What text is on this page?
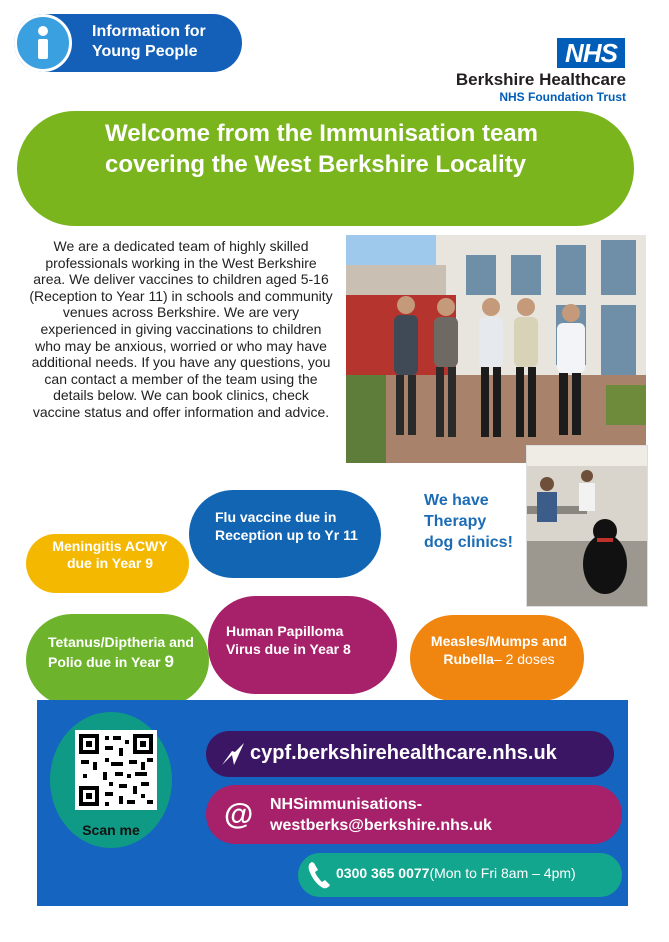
Information for Young People	NHS
Berkshire Healthcare
NHS Foundation Trust
Welcome from the Immunisation team covering the West Berkshire Locality
We are a dedicated team of highly skilled professionals working in the West Berkshire area. We deliver vaccines to children aged 5-16 (Reception to Year 11) in schools and community venues across Berkshire. We are very experienced in giving vaccinations to children who may be anxious, worried or who may have additional needs. If you have any questions, you can contact a member of the team using the details below. We can book clinics, check vaccine status and offer information and advice.
Flu vaccine due in Reception up to Yr 11
Meningitis ACWY due in Year 9
We have Therapy dog clinics!
Tetanus/Diptheria and Polio due in Year 9
Human Papilloma Virus due in Year 8	Measles/Mumps and Rubella– 2 doses
Scan me
cypf.berkshirehealthcare.nhs.uk
@ NHSimmunisations-westberks@berkshire.nhs.uk
0300 365 0077(Mon to Fri 8am – 4pm)
